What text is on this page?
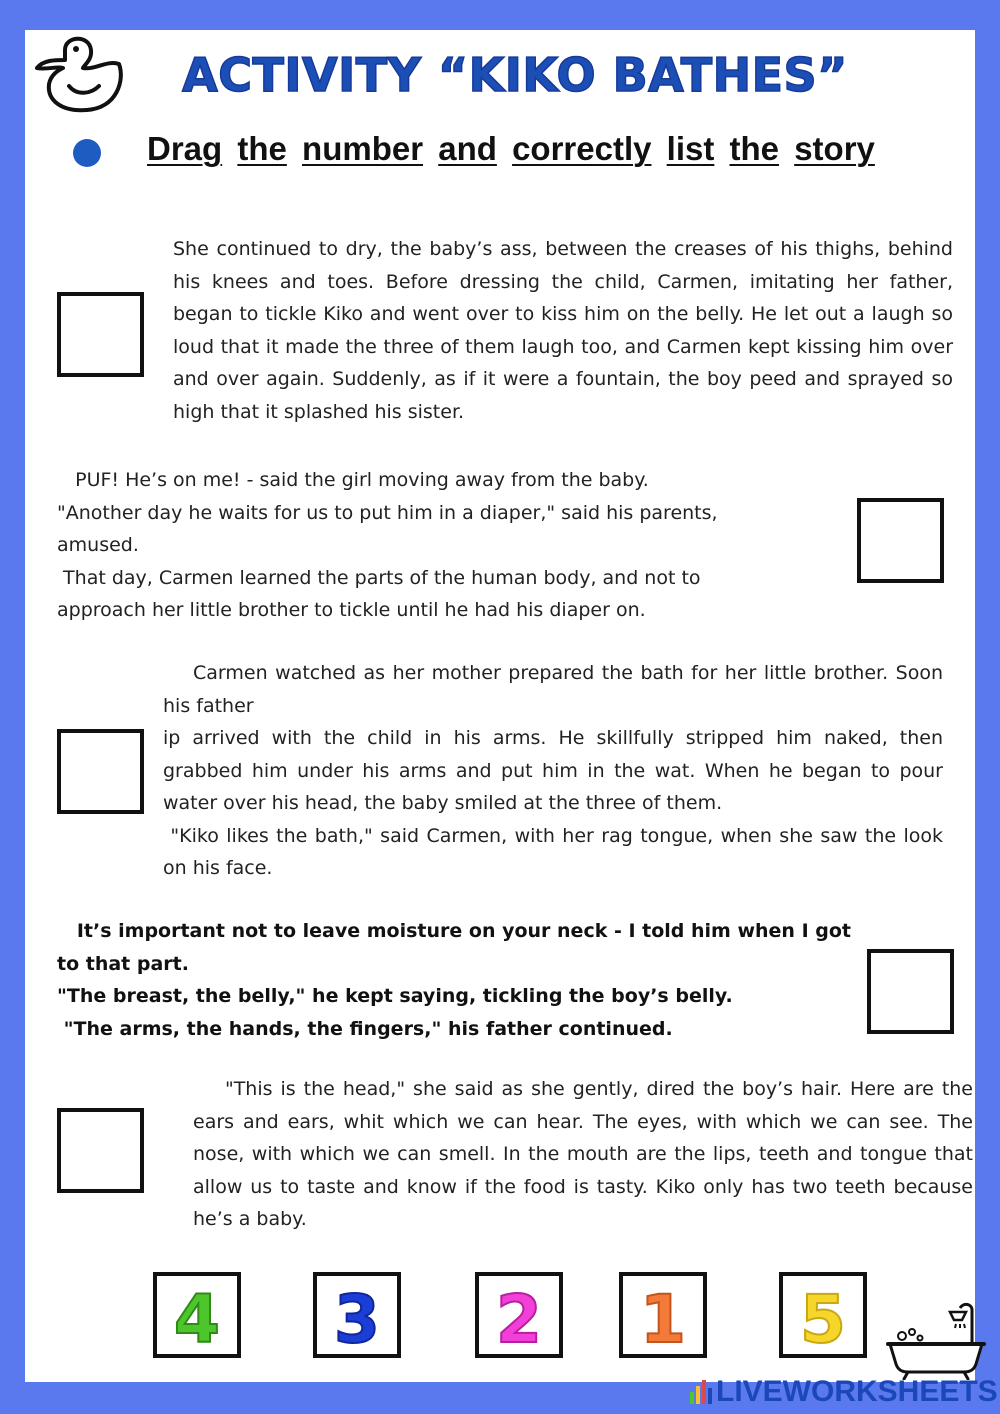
ACTIVITY “KIKO BATHES”
Drag the number and correctly list the story

She continued to dry, the baby’s ass, between the creases of his thighs, behind his knees and toes. Before dressing the child, Carmen, imitating her father, began to tickle Kiko and went over to kiss him on the belly. He let out a laugh so loud that it made the three of them laugh too, and Carmen kept kissing him over and over again. Suddenly, as if it were a fountain, the boy peed and sprayed so high that it splashed his sister.

PUF! He’s on me! - said the girl moving away from the baby.

"Another day he waits for us to put him in a diaper," said his parents, amused.

That day, Carmen learned the parts of the human body, and not to approach her little brother to tickle until he had his diaper on.

Carmen watched as her mother prepared the bath for her little brother. Soon his father

ip arrived with the child in his arms. He skillfully stripped him naked, then grabbed him under his arms and put him in the wat. When he began to pour water over his head, the baby smiled at the three of them.

"Kiko likes the bath," said Carmen, with her rag tongue, when she saw the look on his face.

It’s important not to leave moisture on your neck - I told him when I got to that part.

"The breast, the belly," he kept saying, tickling the boy’s belly.

"The arms, the hands, the fingers," his father continued.

"This is the head," she said as she gently, dired the boy’s hair. Here are the ears and ears, whit which we can hear. The eyes, with which we can see. The nose, with which we can smell. In the mouth are the lips, teeth and tongue that allow us to taste and know if the food is tasty. Kiko only has two teeth because he’s a baby.

4 3 2 1 5
LIVEWORKSHEETS
